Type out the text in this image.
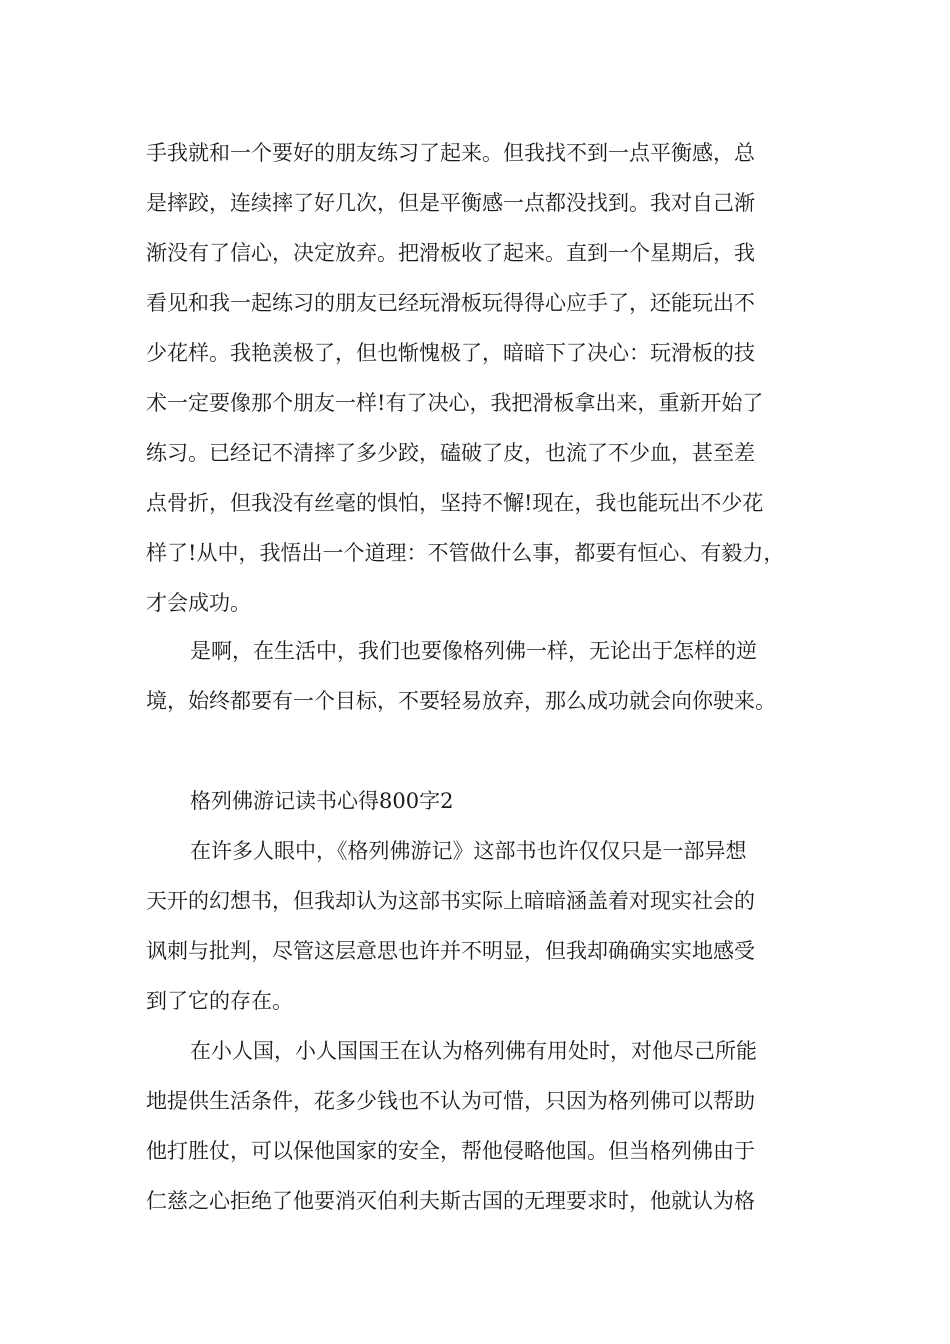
手我就和一个要好的朋友练习了起来。但我找不到一点平衡感，总
是摔跤，连续摔了好几次，但是平衡感一点都没找到。我对自己渐
渐没有了信心，决定放弃。把滑板收了起来。直到一个星期后，我
看见和我一起练习的朋友已经玩滑板玩得得心应手了，还能玩出不
少花样。我艳羡极了，但也惭愧极了，暗暗下了决心：玩滑板的技
术一定要像那个朋友一样!有了决心，我把滑板拿出来，重新开始了
练习。已经记不清摔了多少跤，磕破了皮，也流了不少血，甚至差
点骨折，但我没有丝毫的惧怕，坚持不懈!现在，我也能玩出不少花
样了!从中，我悟出一个道理：不管做什么事，都要有恒心、有毅力，
才会成功。
是啊，在生活中，我们也要像格列佛一样，无论出于怎样的逆
境，始终都要有一个目标，不要轻易放弃，那么成功就会向你驶来。
格列佛游记读书心得800字2
在许多人眼中，《格列佛游记》这部书也许仅仅只是一部异想
天开的幻想书，但我却认为这部书实际上暗暗涵盖着对现实社会的
讽刺与批判，尽管这层意思也许并不明显，但我却确确实实地感受
到了它的存在。
在小人国，小人国国王在认为格列佛有用处时，对他尽己所能
地提供生活条件，花多少钱也不认为可惜，只因为格列佛可以帮助
他打胜仗，可以保他国家的安全，帮他侵略他国。但当格列佛由于
仁慈之心拒绝了他要消灭伯利夫斯古国的无理要求时，他就认为格
